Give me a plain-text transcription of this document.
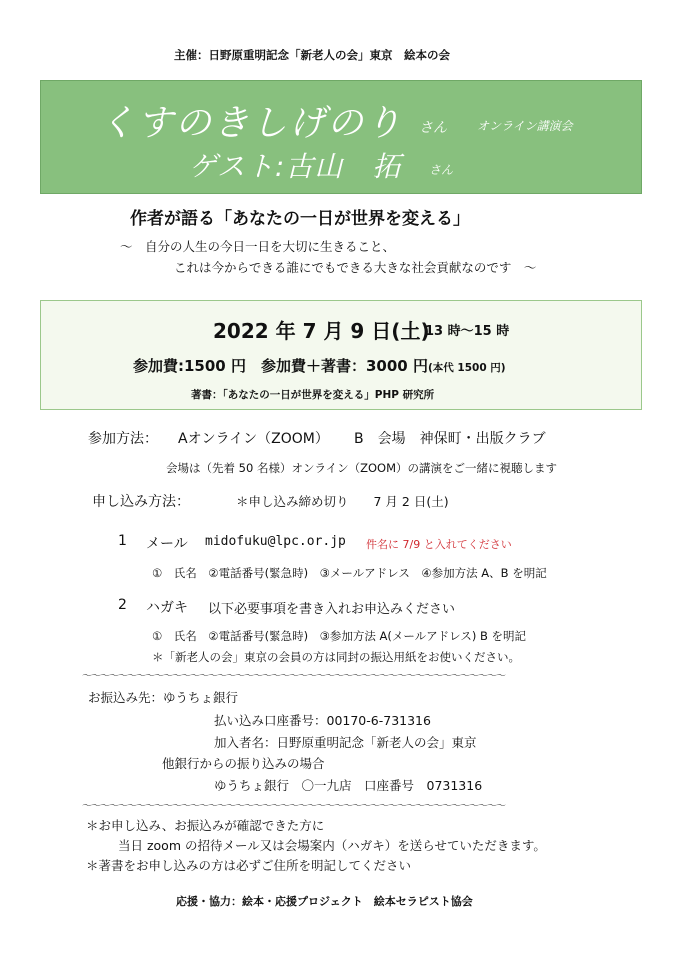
主催：日野原重明記念「新老人の会」東京　絵本の会
くすのきしげのり さん	オンライン講演会
ゲスト:古山　拓 さん
作者が語る「あなたの一日が世界を変える」
〜　自分の人生の今日一日を大切に生きること、
これは今からできる誰にでもできる大きな社会貢献なのです　〜
2022 年 7 月 9 日(土)
13 時〜15 時
参加費:1500 円　参加費＋著書：3000 円(本代 1500 円)
著書：「あなたの一日が世界を変える」PHP 研究所
参加方法： Aオンライン（ZOOM） B　会場　神保町・出版クラブ
会場は（先着 50 名様）オンライン（ZOOM）の講演をご一緒に視聴します
申し込み方法：	＊申し込み締め切り　　7 月 2 日(土)
1 メール midofuku@lpc.or.jp 件名に 7/9 と入れてください
①　氏名　②電話番号(緊急時)　③メールアドレス　④参加方法 A、B を明記
2 ハガキ 以下必要事項を書き入れお申込みください
①　氏名　②電話番号(緊急時)　③参加方法 A(メールアドレス) B を明記
＊「新老人の会」東京の会員の方は同封の振込用紙をお使いください。
〜〜〜〜〜〜〜〜〜〜〜〜〜〜〜〜〜〜〜〜〜〜〜〜〜〜〜〜〜〜〜〜〜〜〜〜〜〜〜〜〜〜〜〜〜〜〜
お振込み先：ゆうちょ銀行
払い込み口座番号：00170-6-731316
加入者名：日野原重明記念「新老人の会」東京
他銀行からの振り込みの場合
ゆうちょ銀行　〇一九店　口座番号　0731316
〜〜〜〜〜〜〜〜〜〜〜〜〜〜〜〜〜〜〜〜〜〜〜〜〜〜〜〜〜〜〜〜〜〜〜〜〜〜〜〜〜〜〜〜〜〜〜
＊お申し込み、お振込みが確認できた方に
当日 zoom の招待メール又は会場案内（ハガキ）を送らせていただきます。
＊著書をお申し込みの方は必ずご住所を明記してください
応援・協力：絵本・応援プロジェクト　絵本セラピスト協会
